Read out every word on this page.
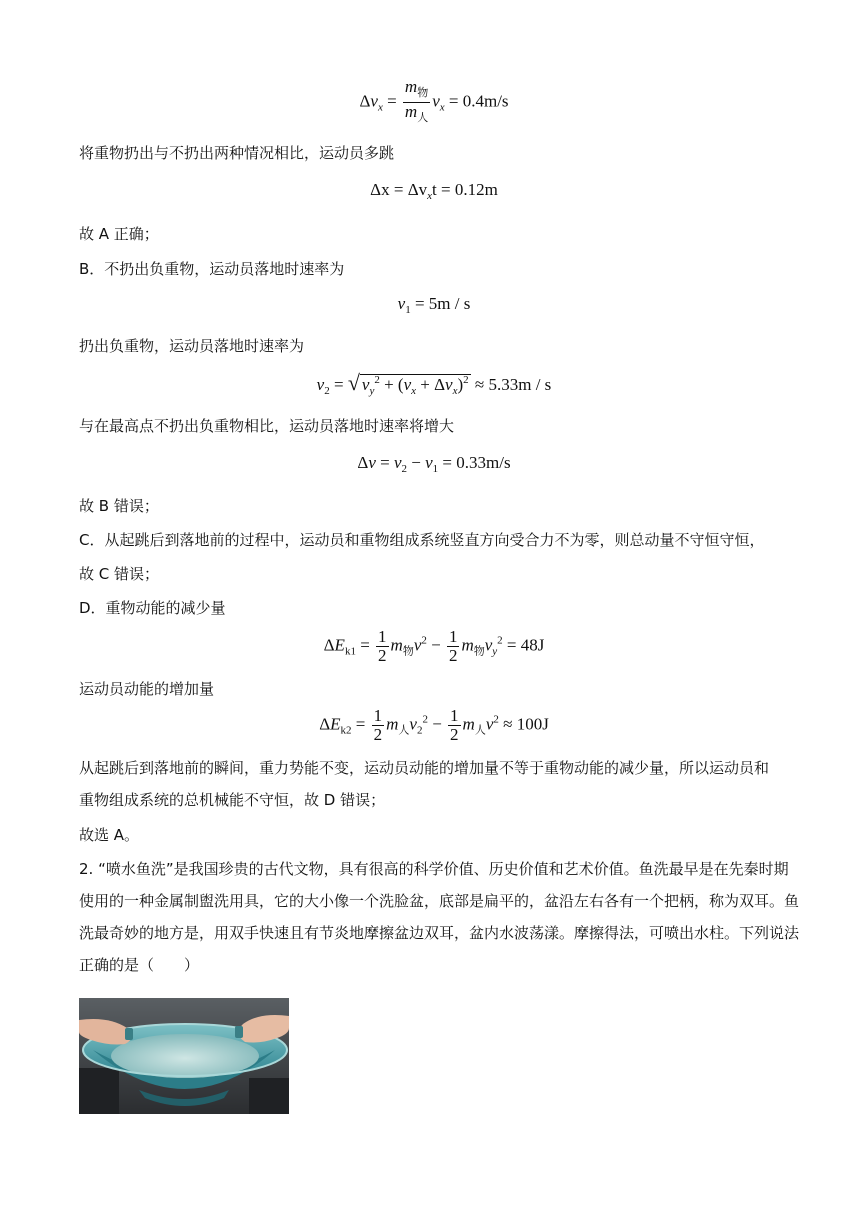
$\Delta v_x = \frac{m_物}{m_人} v_x = 0.4m/s$
将重物扔出与不扔出两种情况相比，运动员多跳
$\Delta x = \Delta v_xt = 0.12m$
故 A 正确；
B．不扔出负重物，运动员落地时速率为
$v_1 = 5m / s$
扔出负重物，运动员落地时速率为
$v_2$ = √ $v_y^2 + (v_x + \Delta v_x)^2 \approx 5.33m / s$
与在最高点不扔出负重物相比，运动员落地时速率将增大
$\Delta v = v_2 - v_1 = 0.33m/s$
故 B 错误；
C．从起跳后到落地前的过程中，运动员和重物组成系统竖直方向受合力不为零，则总动量不守恒守恒，
故 C 错误；
D．重物动能的减少量
$\Delta E_{k1} = \frac{1}{2} m_物v^2 - \frac{1}{2} m_物v_y^2 = 48J$
运动员动能的增加量
$\Delta E_{k2} = \frac{1}{2} m_人v_2^2 - \frac{1}{2} m_人v^2 \approx 100J$
从起跳后到落地前的瞬间，重力势能不变，运动员动能的增加量不等于重物动能的减少量，所以运动员和
重物组成系统的总机械能不守恒，故 D 错误；
故选 A。
2. “喷水鱼洗”是我国珍贵的古代文物，具有很高的科学价值、历史价值和艺术价值。鱼洗最早是在先秦时期使用的一种金属制盥洗用具，它的大小像一个洗脸盆，底部是扁平的，盆沿左右各有一个把柄，称为双耳。鱼洗最奇妙的地方是，用双手快速且有节炎地摩擦盆边双耳，盆内水波荡漾。摩擦得法，可喷出水柱。下列说法正确的是（　　）
